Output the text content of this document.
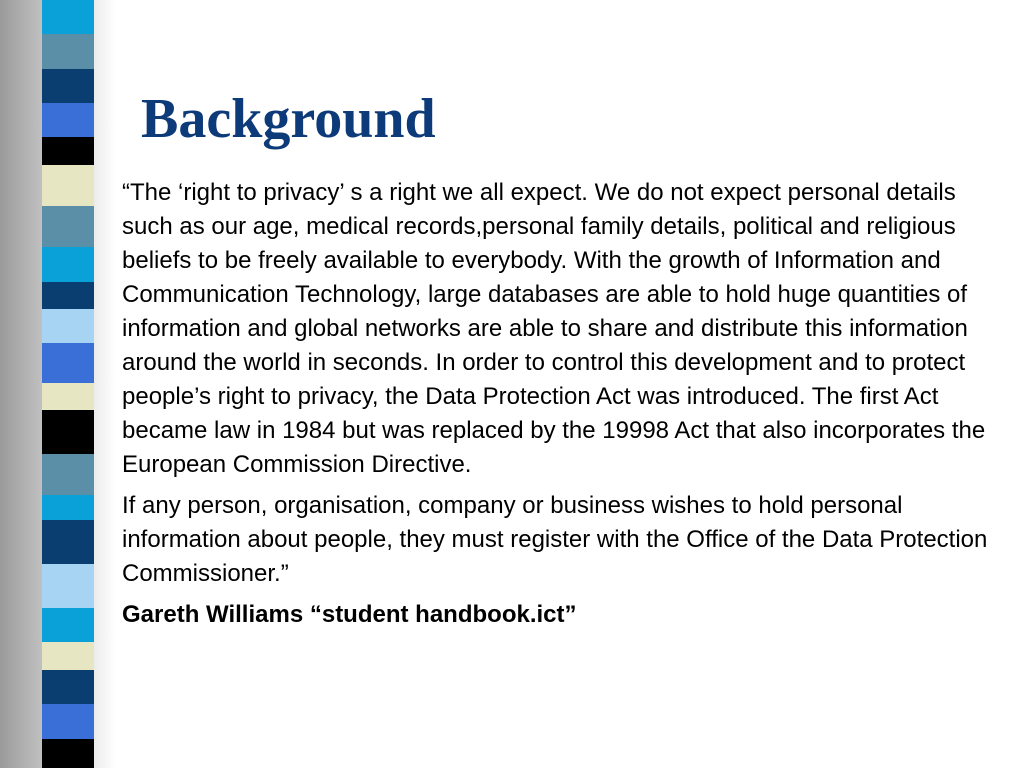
Background

“The ‘right to privacy’ s a right we all expect. We do not expect personal details such as our age, medical records,personal family details, political and religious beliefs to be freely available to everybody. With the growth of Information and Communication Technology, large databases are able to hold huge quantities of information and global networks are able to share and distribute this information around the world in seconds. In order to control this development and to protect people’s right to privacy, the Data Protection Act was introduced. The first Act became law in 1984 but was replaced by the 19998 Act that also incorporates the European Commission Directive.

If any person, organisation, company or business wishes to hold personal information about people, they must register with the Office of the Data Protection Commissioner.”

Gareth Williams “student handbook.ict”
